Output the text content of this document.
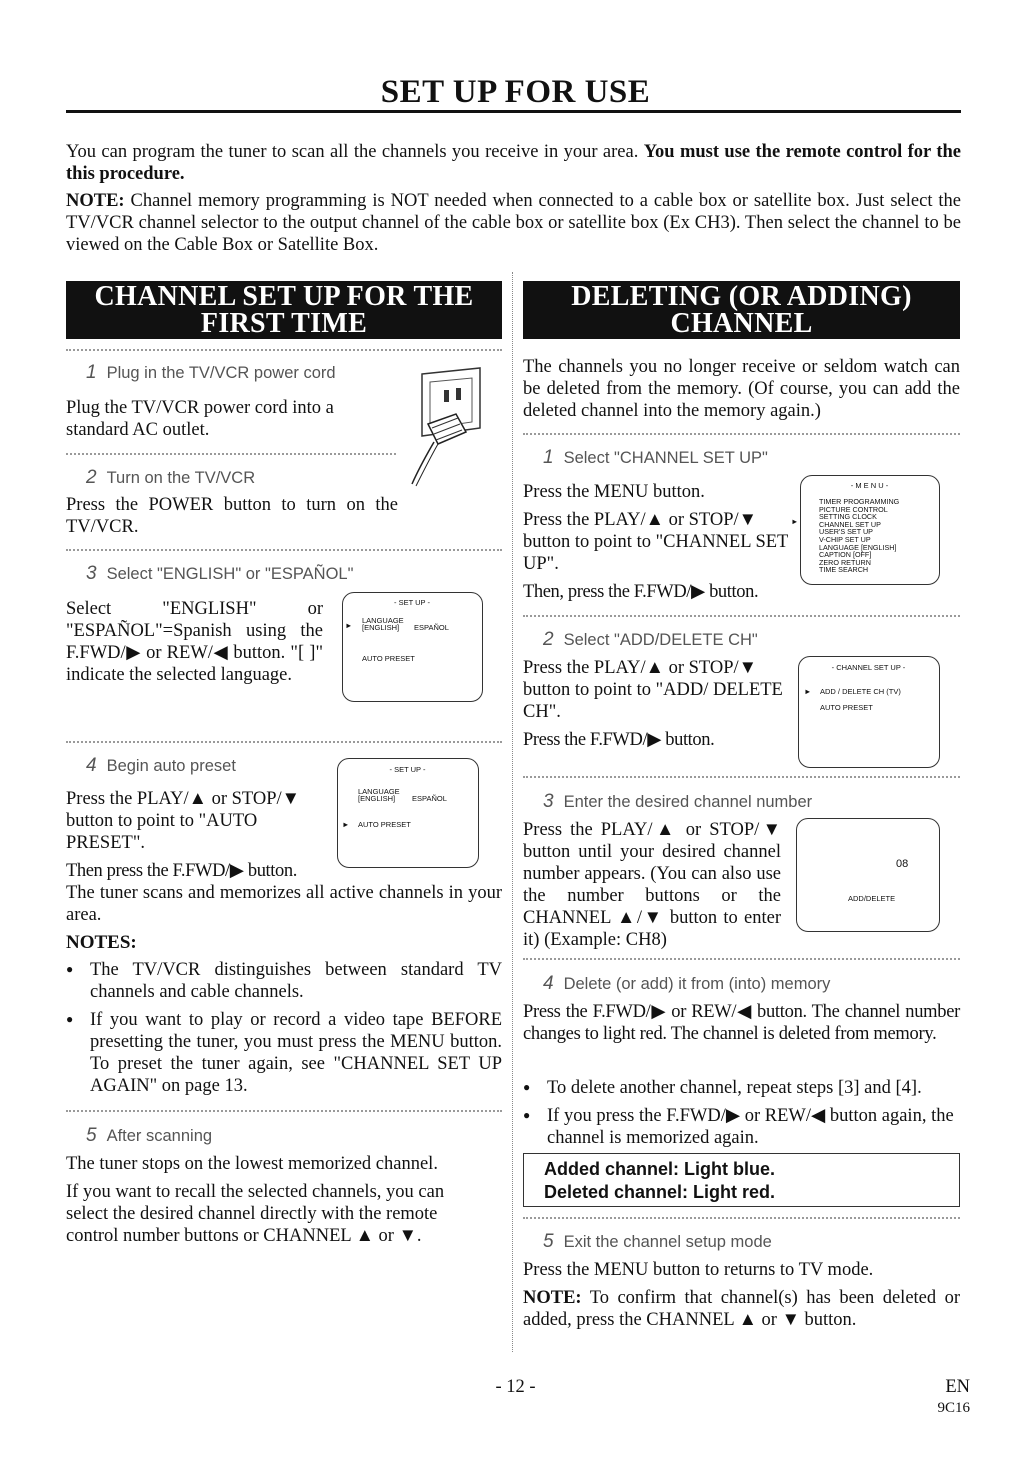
SET UP FOR USE
You can program the tuner to scan all the channels you receive in your area. You must use the remote control for the this procedure.
NOTE: Channel memory programming is NOT needed when connected to a cable box or satellite box. Just select the TV/VCR channel selector to the output channel of the cable box or satellite box (Ex CH3). Then select the channel to be viewed on the Cable Box or Satellite Box.
CHANNEL SET UP FOR THE
FIRST TIME
1 Plug in the TV/VCR power cord
Plug the TV/VCR power cord into a standard AC outlet.
2 Turn on the TV/VCR
Press the POWER button to turn on the TV/VCR.
3 Select "ENGLISH" or "ESPAÑOL"
Select "ENGLISH" or "ESPAÑOL"=Spanish using the F.FWD/▶ or REW/◀ button. "[ ]" indicate the selected language.
- SET UP -
►
LANGUAGE
[ENGLISH] ESPAÑOL
AUTO PRESET
4 Begin auto preset
Press the PLAY/▲ or STOP/▼ button to point to "AUTO PRESET".
Then press the F.FWD/▶ button.
The tuner scans and memorizes all active channels in your area.
- SET UP -
LANGUAGE
[ENGLISH] ESPAÑOL
► AUTO PRESET
NOTES:
● The TV/VCR distinguishes between standard TV channels and cable channels.
● If you want to play or record a video tape BEFORE presetting the tuner, you must press the MENU button. To preset the tuner again, see "CHANNEL SET UP AGAIN" on page 13.
5 After scanning
The tuner stops on the lowest memorized channel.
If you want to recall the selected channels, you can select the desired channel directly with the remote control number buttons or CHANNEL ▲ or ▼.
DELETING (OR ADDING)
CHANNEL
The channels you no longer receive or seldom watch can be deleted from the memory. (Of course, you can add the deleted channel into the memory again.)
1 Select "CHANNEL SET UP"
Press the MENU button.
Press the PLAY/▲ or STOP/▼ button to point to "CHANNEL SET UP".
Then, press the F.FWD/▶ button.
- M E N U -
►
TIMER PROGRAMMING
PICTURE CONTROL
SETTING CLOCK
CHANNEL SET UP
USER'S SET UP
V-CHIP SET UP
LANGUAGE [ENGLISH]
CAPTION [OFF]
ZERO RETURN
TIME SEARCH
2 Select "ADD/DELETE CH"
Press the PLAY/▲ or STOP/▼ button to point to "ADD/ DELETE CH".
Press the F.FWD/▶ button.
- CHANNEL SET UP -
► ADD / DELETE CH (TV)
AUTO PRESET
3 Enter the desired channel number
Press the PLAY/▲ or STOP/▼ button until your desired channel number appears. (You can also use the number buttons or the CHANNEL ▲/▼ button to enter it) (Example: CH8)
08
ADD/DELETE
4 Delete (or add) it from (into) memory
Press the F.FWD/▶ or REW/◀ button. The channel number changes to light red. The channel is deleted from memory.
● To delete another channel, repeat steps [3] and [4].
● If you press the F.FWD/▶ or REW/◀ button again, the channel is memorized again.
Added channel: Light blue.
Deleted channel: Light red.
5 Exit the channel setup mode
Press the MENU button to returns to TV mode.
NOTE: To confirm that channel(s) has been deleted or added, press the CHANNEL ▲ or ▼ button.
- 12 -	EN
9C16
